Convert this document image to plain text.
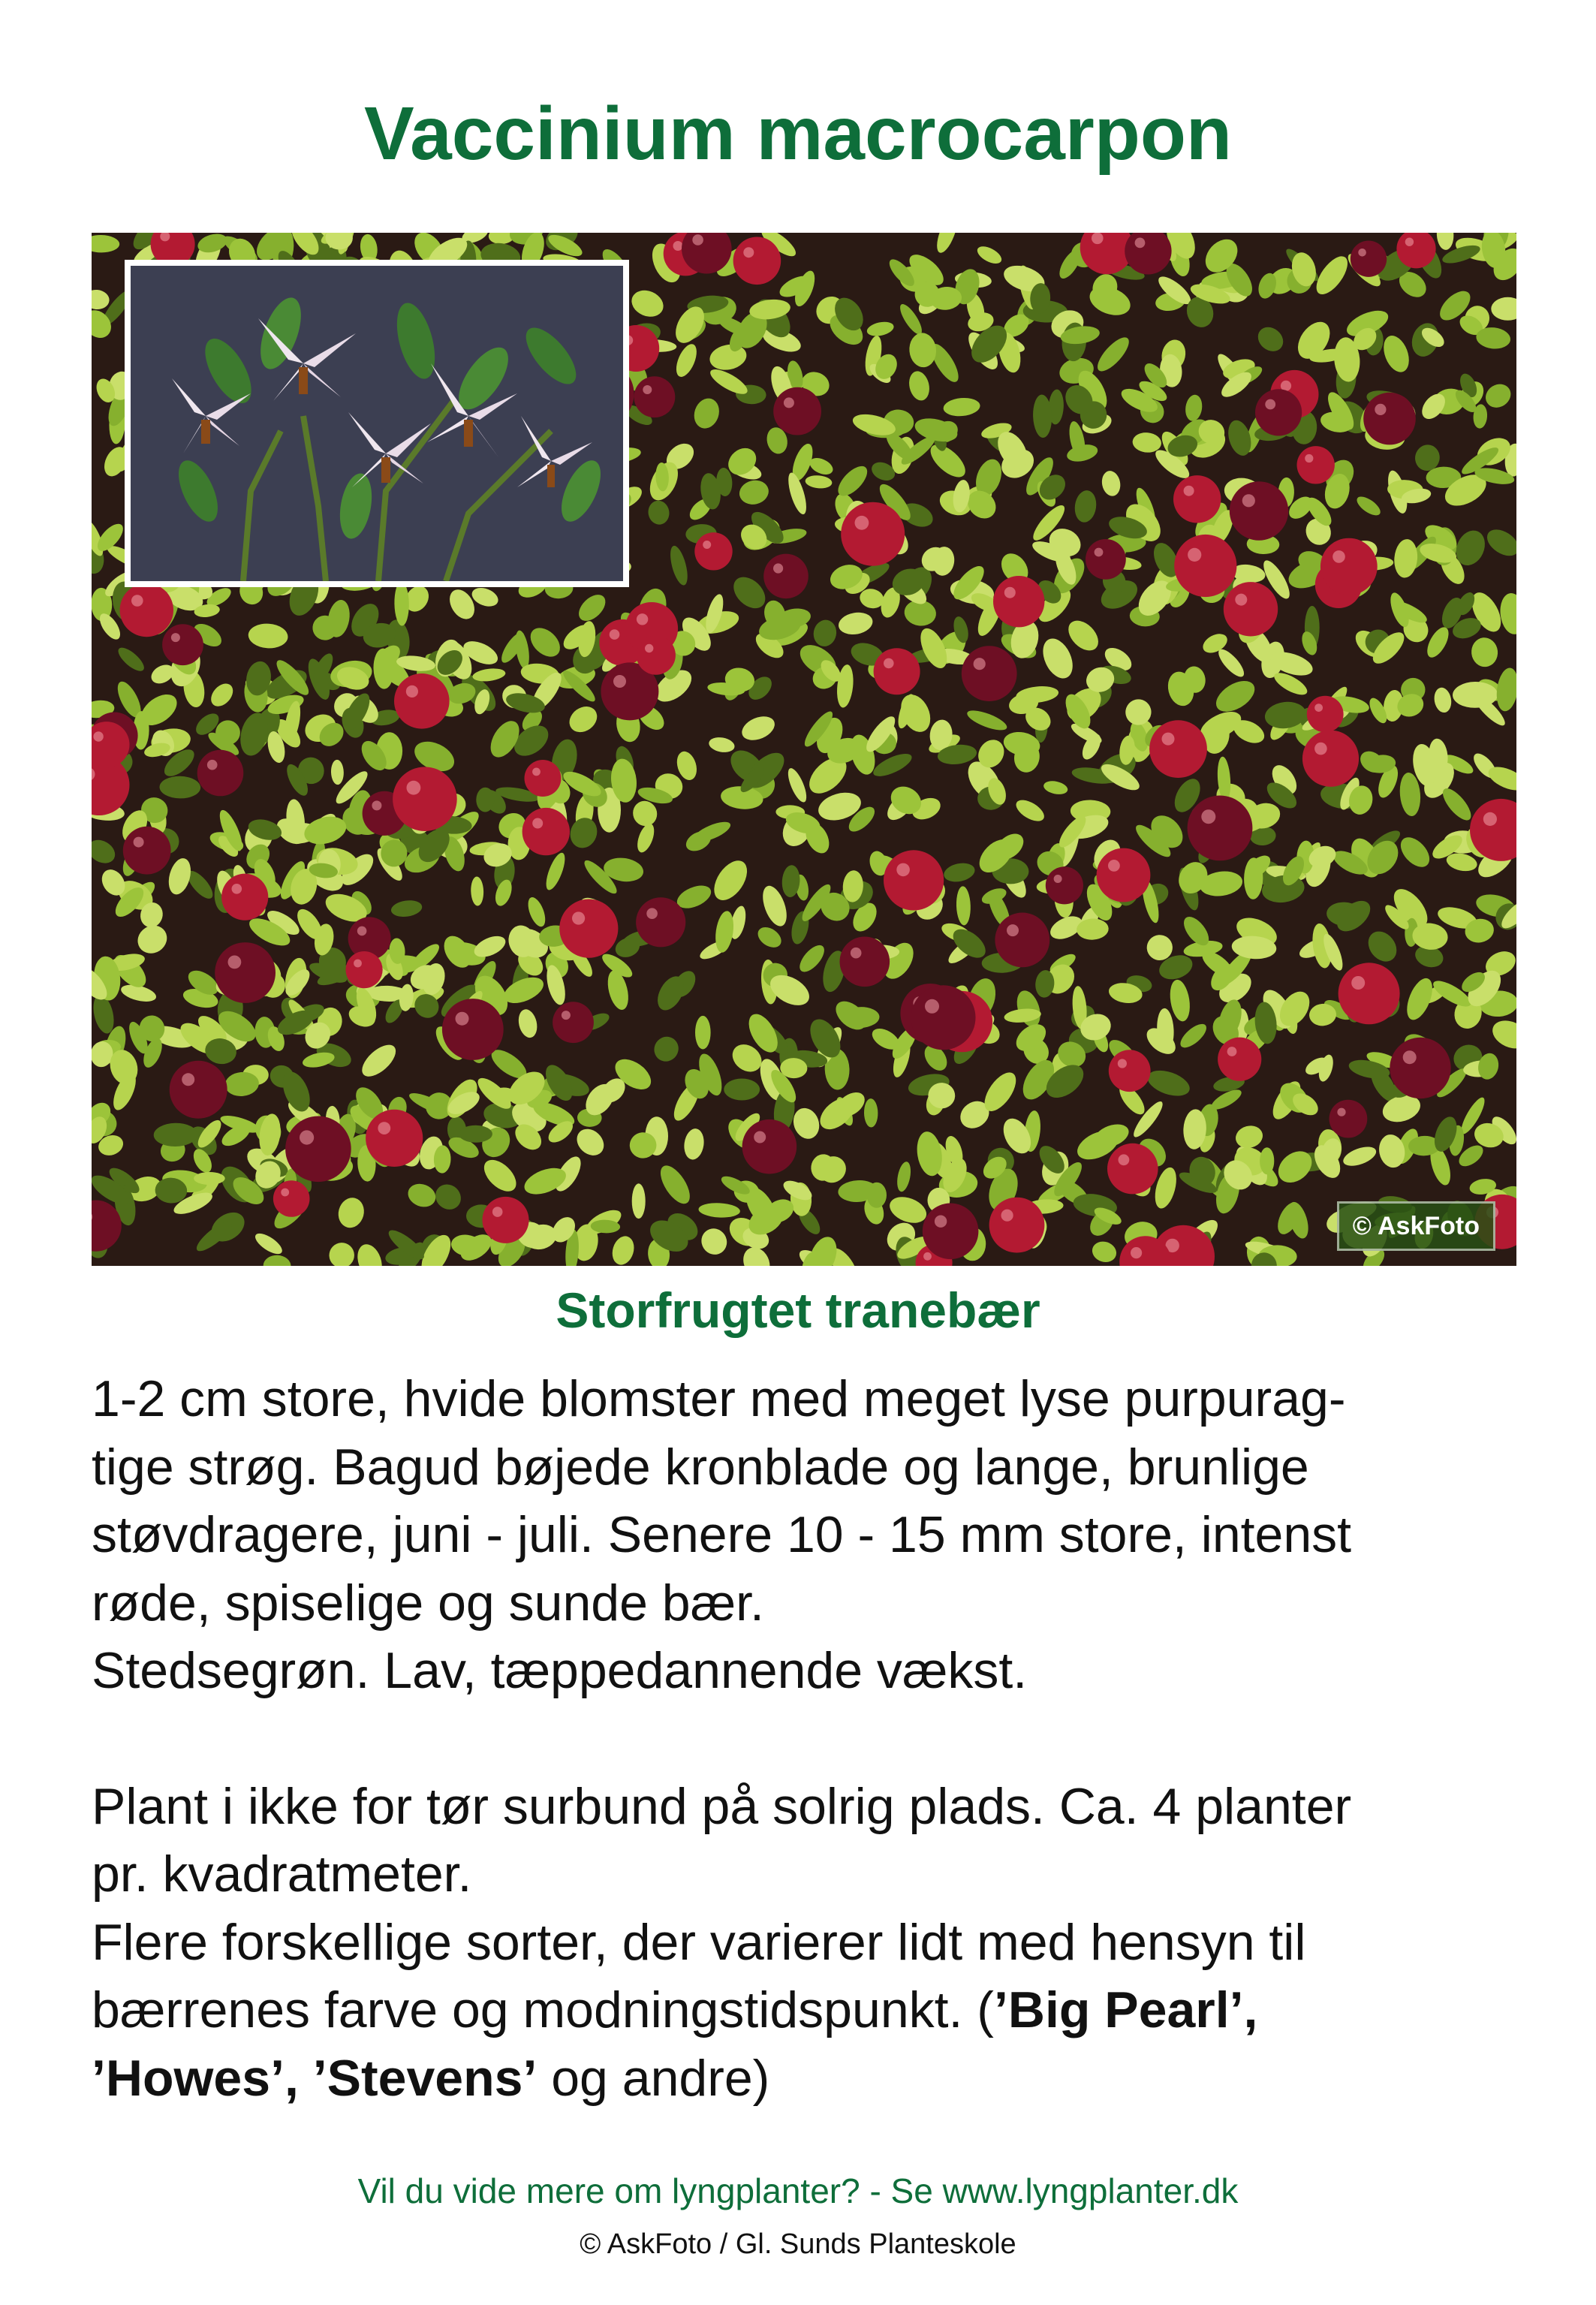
Vaccinium macrocarpon
© AskFoto
Storfrugtet tranebær

1-2 cm store, hvide blomster med meget lyse purpurag-

tige strøg. Bagud bøjede kronblade og lange, brunlige

støvdragere, juni - juli. Senere 10 - 15 mm store, intenst

røde, spiselige og sunde bær.

Stedsegrøn. Lav, tæppedannende vækst.

Plant i ikke for tør surbund på solrig plads. Ca. 4 planter

pr. kvadratmeter.

Flere forskellige sorter, der varierer lidt med hensyn til

bærrenes farve og modningstidspunkt. (’Big Pearl’,

’Howes’, ’Stevens’ og andre)

Vil du vide mere om lyngplanter? - Se www.lyngplanter.dk
© AskFoto / Gl. Sunds Planteskole
